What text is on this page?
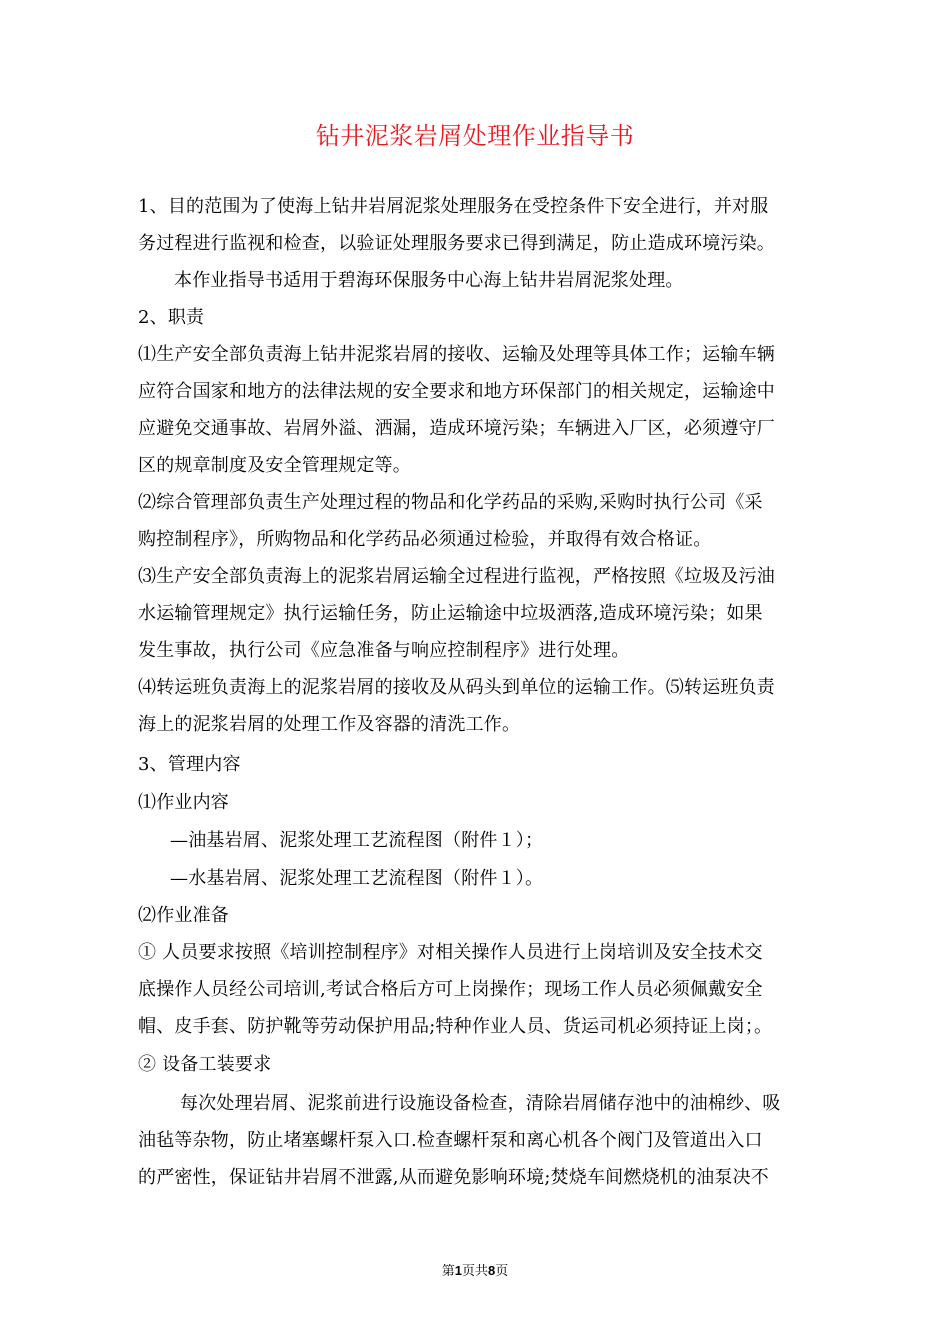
钻井泥浆岩屑处理作业指导书
1、目的范围为了使海上钻井岩屑泥浆处理服务在受控条件下安全进行，并对服
务过程进行监视和检查，以验证处理服务要求已得到满足，防止造成环境污染。
本作业指导书适用于碧海环保服务中心海上钻井岩屑泥浆处理。
2、职责
⑴生产安全部负责海上钻井泥浆岩屑的接收、运输及处理等具体工作；运输车辆
应符合国家和地方的法律法规的安全要求和地方环保部门的相关规定，运输途中
应避免交通事故、岩屑外溢、洒漏，造成环境污染；车辆进入厂区，必须遵守厂
区的规章制度及安全管理规定等。
⑵综合管理部负责生产处理过程的物品和化学药品的采购,采购时执行公司《采
购控制程序》，所购物品和化学药品必须通过检验，并取得有效合格证。
⑶生产安全部负责海上的泥浆岩屑运输全过程进行监视，严格按照《垃圾及污油
水运输管理规定》执行运输任务，防止运输途中垃圾洒落,造成环境污染；如果
发生事故，执行公司《应急准备与响应控制程序》进行处理。
⑷转运班负责海上的泥浆岩屑的接收及从码头到单位的运输工作。⑸转运班负责
海上的泥浆岩屑的处理工作及容器的清洗工作。
3、管理内容
⑴作业内容
—油基岩屑、泥浆处理工艺流程图（附件１）；
—水基岩屑、泥浆处理工艺流程图（附件１）。
⑵作业准备
① 人员要求按照《培训控制程序》对相关操作人员进行上岗培训及安全技术交
底操作人员经公司培训,考试合格后方可上岗操作；现场工作人员必须佩戴安全
帽、皮手套、防护靴等劳动保护用品;特种作业人员、货运司机必须持证上岗；。
② 设备工装要求
每次处理岩屑、泥浆前进行设施设备检查，清除岩屑储存池中的油棉纱、吸
油毡等杂物，防止堵塞螺杆泵入口.检查螺杆泵和离心机各个阀门及管道出入口
的严密性，保证钻井岩屑不泄露,从而避免影响环境;焚烧车间燃烧机的油泵决不
第1页共8页
